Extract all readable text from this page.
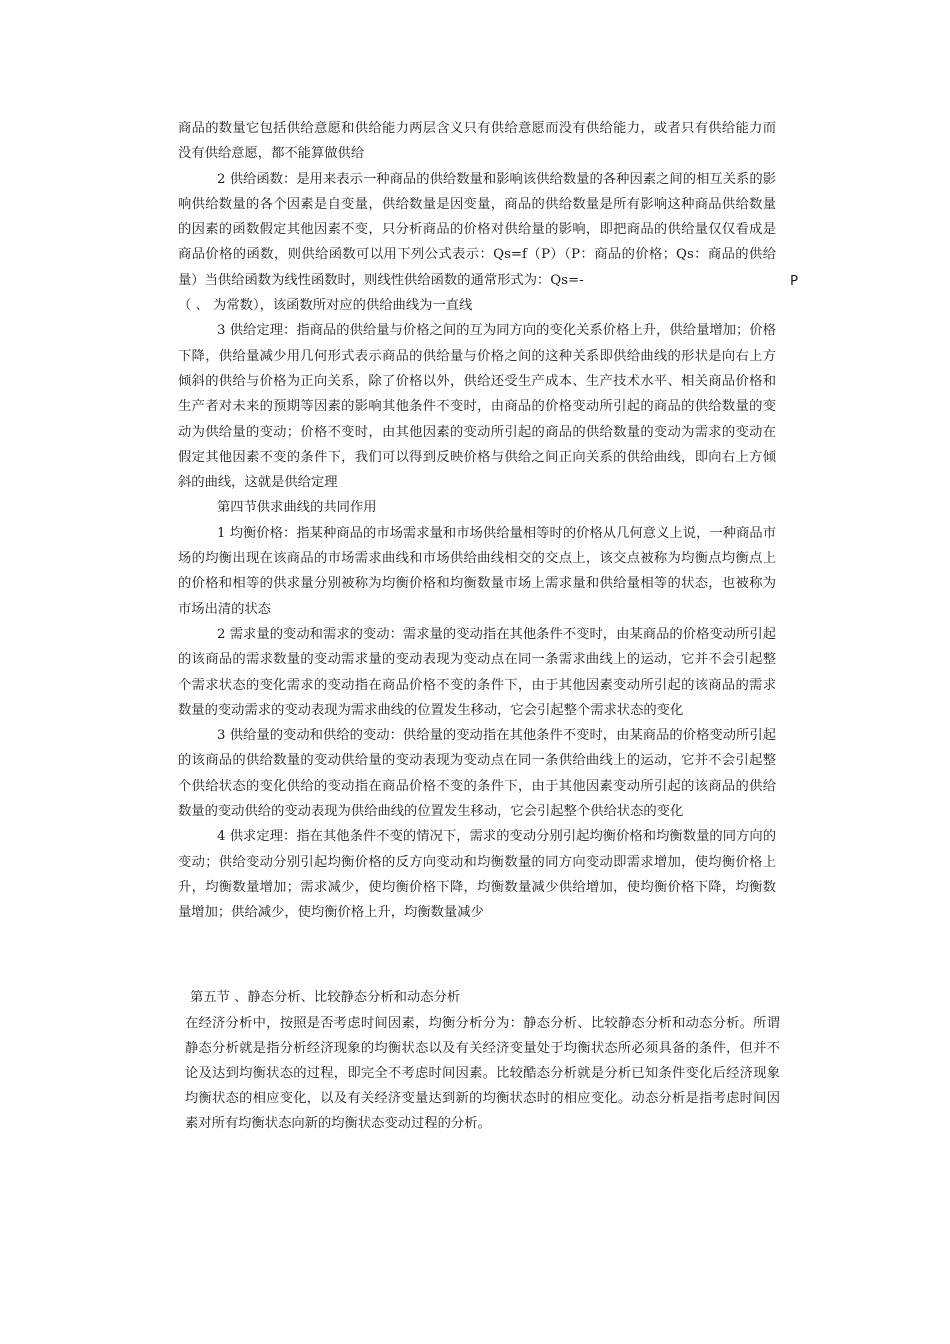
商品的数量它包括供给意愿和供给能力两层含义只有供给意愿而没有供给能力，或者只有供给能力而没有供给意愿，都不能算做供给

2 供给函数：是用来表示一种商品的供给数量和影响该供给数量的各种因素之间的相互关系的影响供给数量的各个因素是自变量，供给数量是因变量，商品的供给数量是所有影响这种商品供给数量的因素的函数假定其他因素不变，只分析商品的价格对供给量的影响，即把商品的供给量仅仅看成是商品价格的函数，则供给函数可以用下列公式表示：Qs=f（P）（P：商品的价格；Qs：商品的供给量）当供给函数为线性函数时，则线性供给函数的通常形式为：Qs=-

（ 、 为常数），该函数所对应的供给曲线为一直线

3 供给定理：指商品的供给量与价格之间的互为同方向的变化关系价格上升，供给量增加；价格下降，供给量减少用几何形式表示商品的供给量与价格之间的这种关系即供给曲线的形状是向右上方倾斜的供给与价格为正向关系，除了价格以外，供给还受生产成本、生产技术水平、相关商品价格和生产者对未来的预期等因素的影响其他条件不变时，由商品的价格变动所引起的商品的供给数量的变动为供给量的变动；价格不变时，由其他因素的变动所引起的商品的供给数量的变动为需求的变动在假定其他因素不变的条件下，我们可以得到反映价格与供给之间正向关系的供给曲线，即向右上方倾斜的曲线，这就是供给定理

第四节供求曲线的共同作用

1 均衡价格：指某种商品的市场需求量和市场供给量相等时的价格从几何意义上说，一种商品市场的均衡出现在该商品的市场需求曲线和市场供给曲线相交的交点上，该交点被称为均衡点均衡点上的价格和相等的供求量分别被称为均衡价格和均衡数量市场上需求量和供给量相等的状态，也被称为市场出清的状态

2 需求量的变动和需求的变动：需求量的变动指在其他条件不变时，由某商品的价格变动所引起的该商品的需求数量的变动需求量的变动表现为变动点在同一条需求曲线上的运动，它并不会引起整个需求状态的变化需求的变动指在商品价格不变的条件下，由于其他因素变动所引起的该商品的需求数量的变动需求的变动表现为需求曲线的位置发生移动，它会引起整个需求状态的变化

3 供给量的变动和供给的变动：供给量的变动指在其他条件不变时，由某商品的价格变动所引起的该商品的供给数量的变动供给量的变动表现为变动点在同一条供给曲线上的运动，它并不会引起整个供给状态的变化供给的变动指在商品价格不变的条件下，由于其他因素变动所引起的该商品的供给数量的变动供给的变动表现为供给曲线的位置发生移动，它会引起整个供给状态的变化

4 供求定理：指在其他条件不变的情况下，需求的变动分别引起均衡价格和均衡数量的同方向的变动；供给变动分别引起均衡价格的反方向变动和均衡数量的同方向变动即需求增加，使均衡价格上升，均衡数量增加；需求减少，使均衡价格下降，均衡数量减少供给增加，使均衡价格下降，均衡数量增加；供给减少，使均衡价格上升，均衡数量减少

P
第五节 、静态分析、比较静态分析和动态分析

在经济分析中，按照是否考虑时间因素，均衡分析分为：静态分析、比较静态分析和动态分析。所谓静态分析就是指分析经济现象的均衡状态以及有关经济变量处于均衡状态所必须具备的条件，但并不论及达到均衡状态的过程，即完全不考虑时间因素。比较酷态分析就是分析已知条件变化后经济现象均衡状态的相应变化，以及有关经济变量达到新的均衡状态时的相应变化。动态分析是指考虑时间因素对所有均衡状态向新的均衡状态变动过程的分析。
